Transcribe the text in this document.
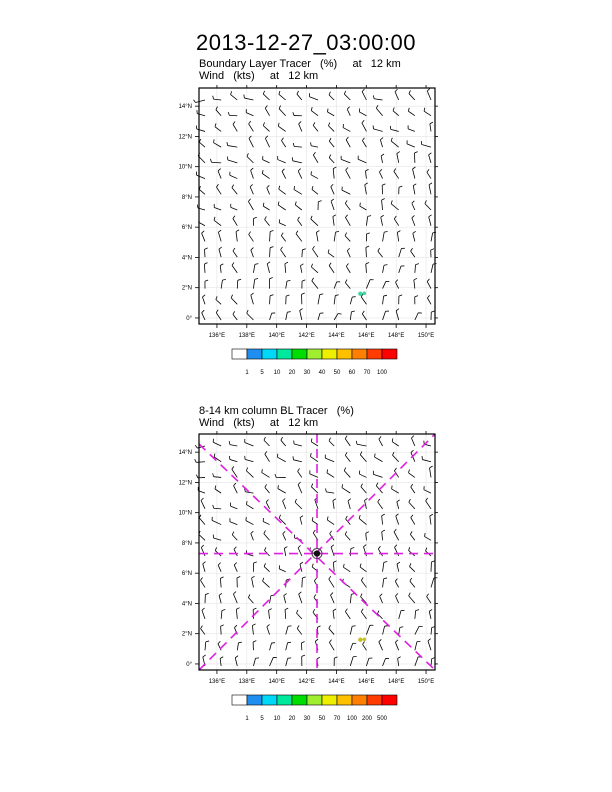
2013-12-27_03:00:00
Boundary Layer Tracer   (%)     at   12 km
Wind   (kts)     at   12 km
8-14 km column BL Tracer   (%)
Wind   (kts)     at   12 km
136°E 138°E 140°E 142°E 144°E 146°E 148°E 150°E
0°
2°N
4°N
6°N
8°N
10°N
12°N
14°N
1 5 10 20 30 40 50 60 70 100
136°E 138°E 140°E 142°E 144°E 146°E 148°E 150°E
0°
2°N
4°N
6°N
8°N
10°N
12°N
14°N
1 5 10 20 30 50 70 100 200 500
